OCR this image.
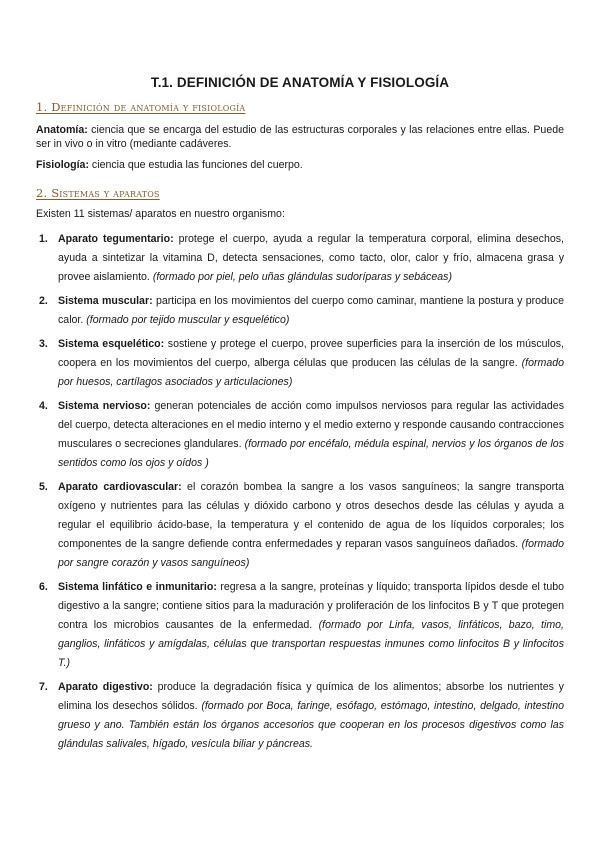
T.1. DEFINICIÓN DE ANATOMÍA Y FISIOLOGÍA
1. Definición de anatomía y fisiología

Anatomía: ciencia que se encarga del estudio de las estructuras corporales y las relaciones entre ellas. Puede ser in vivo o in vitro (mediante cadáveres.

Fisiología: ciencia que estudia las funciones del cuerpo.

2. Sistemas y aparatos

Existen 11 sistemas/ aparatos en nuestro organismo:

1. Aparato tegumentario: protege el cuerpo, ayuda a regular la temperatura corporal, elimina desechos, ayuda a sintetizar la vitamina D, detecta sensaciones, como tacto, olor, calor y frío, almacena grasa y provee aislamiento. (formado por piel, pelo uñas glándulas sudoríparas y sebáceas)
2. Sistema muscular: participa en los movimientos del cuerpo como caminar, mantiene la postura y produce calor. (formado por tejido muscular y esquelético)
3. Sistema esquelético: sostiene y protege el cuerpo, provee superficies para la inserción de los músculos, coopera en los movimientos del cuerpo, alberga células que producen las células de la sangre. (formado por huesos, cartílagos asociados y articulaciones)
4. Sistema nervioso: generan potenciales de acción como impulsos nerviosos para regular las actividades del cuerpo, detecta alteraciones en el medio interno y el medio externo y responde causando contracciones musculares o secreciones glandulares. (formado por encéfalo, médula espinal, nervios y los órganos de los sentidos como los ojos y oídos )
5. Aparato cardiovascular: el corazón bombea la sangre a los vasos sanguíneos; la sangre transporta oxígeno y nutrientes para las células y dióxido carbono y otros desechos desde las células y ayuda a regular el equilibrio ácido-base, la temperatura y el contenido de agua de los líquidos corporales; los componentes de la sangre defiende contra enfermedades y reparan vasos sanguíneos dañados. (formado por sangre corazón y vasos sanguíneos)
6. Sistema linfático e inmunitario: regresa a la sangre, proteínas y líquido; transporta lípidos desde el tubo digestivo a la sangre; contiene sitios para la maduración y proliferación de los linfocitos B y T que protegen contra los microbios causantes de la enfermedad. (formado por Linfa, vasos, linfáticos, bazo, timo, ganglios, linfáticos y amígdalas, células que transportan respuestas inmunes como linfocitos B y linfocitos T.)
7. Aparato digestivo: produce la degradación física y química de los alimentos; absorbe los nutrientes y elimina los desechos sólidos. (formado por Boca, faringe, esófago, estómago, intestino, delgado, intestino grueso y ano. También están los órganos accesorios que cooperan en los procesos digestivos como las glándulas salivales, hígado, vesícula biliar y páncreas.
